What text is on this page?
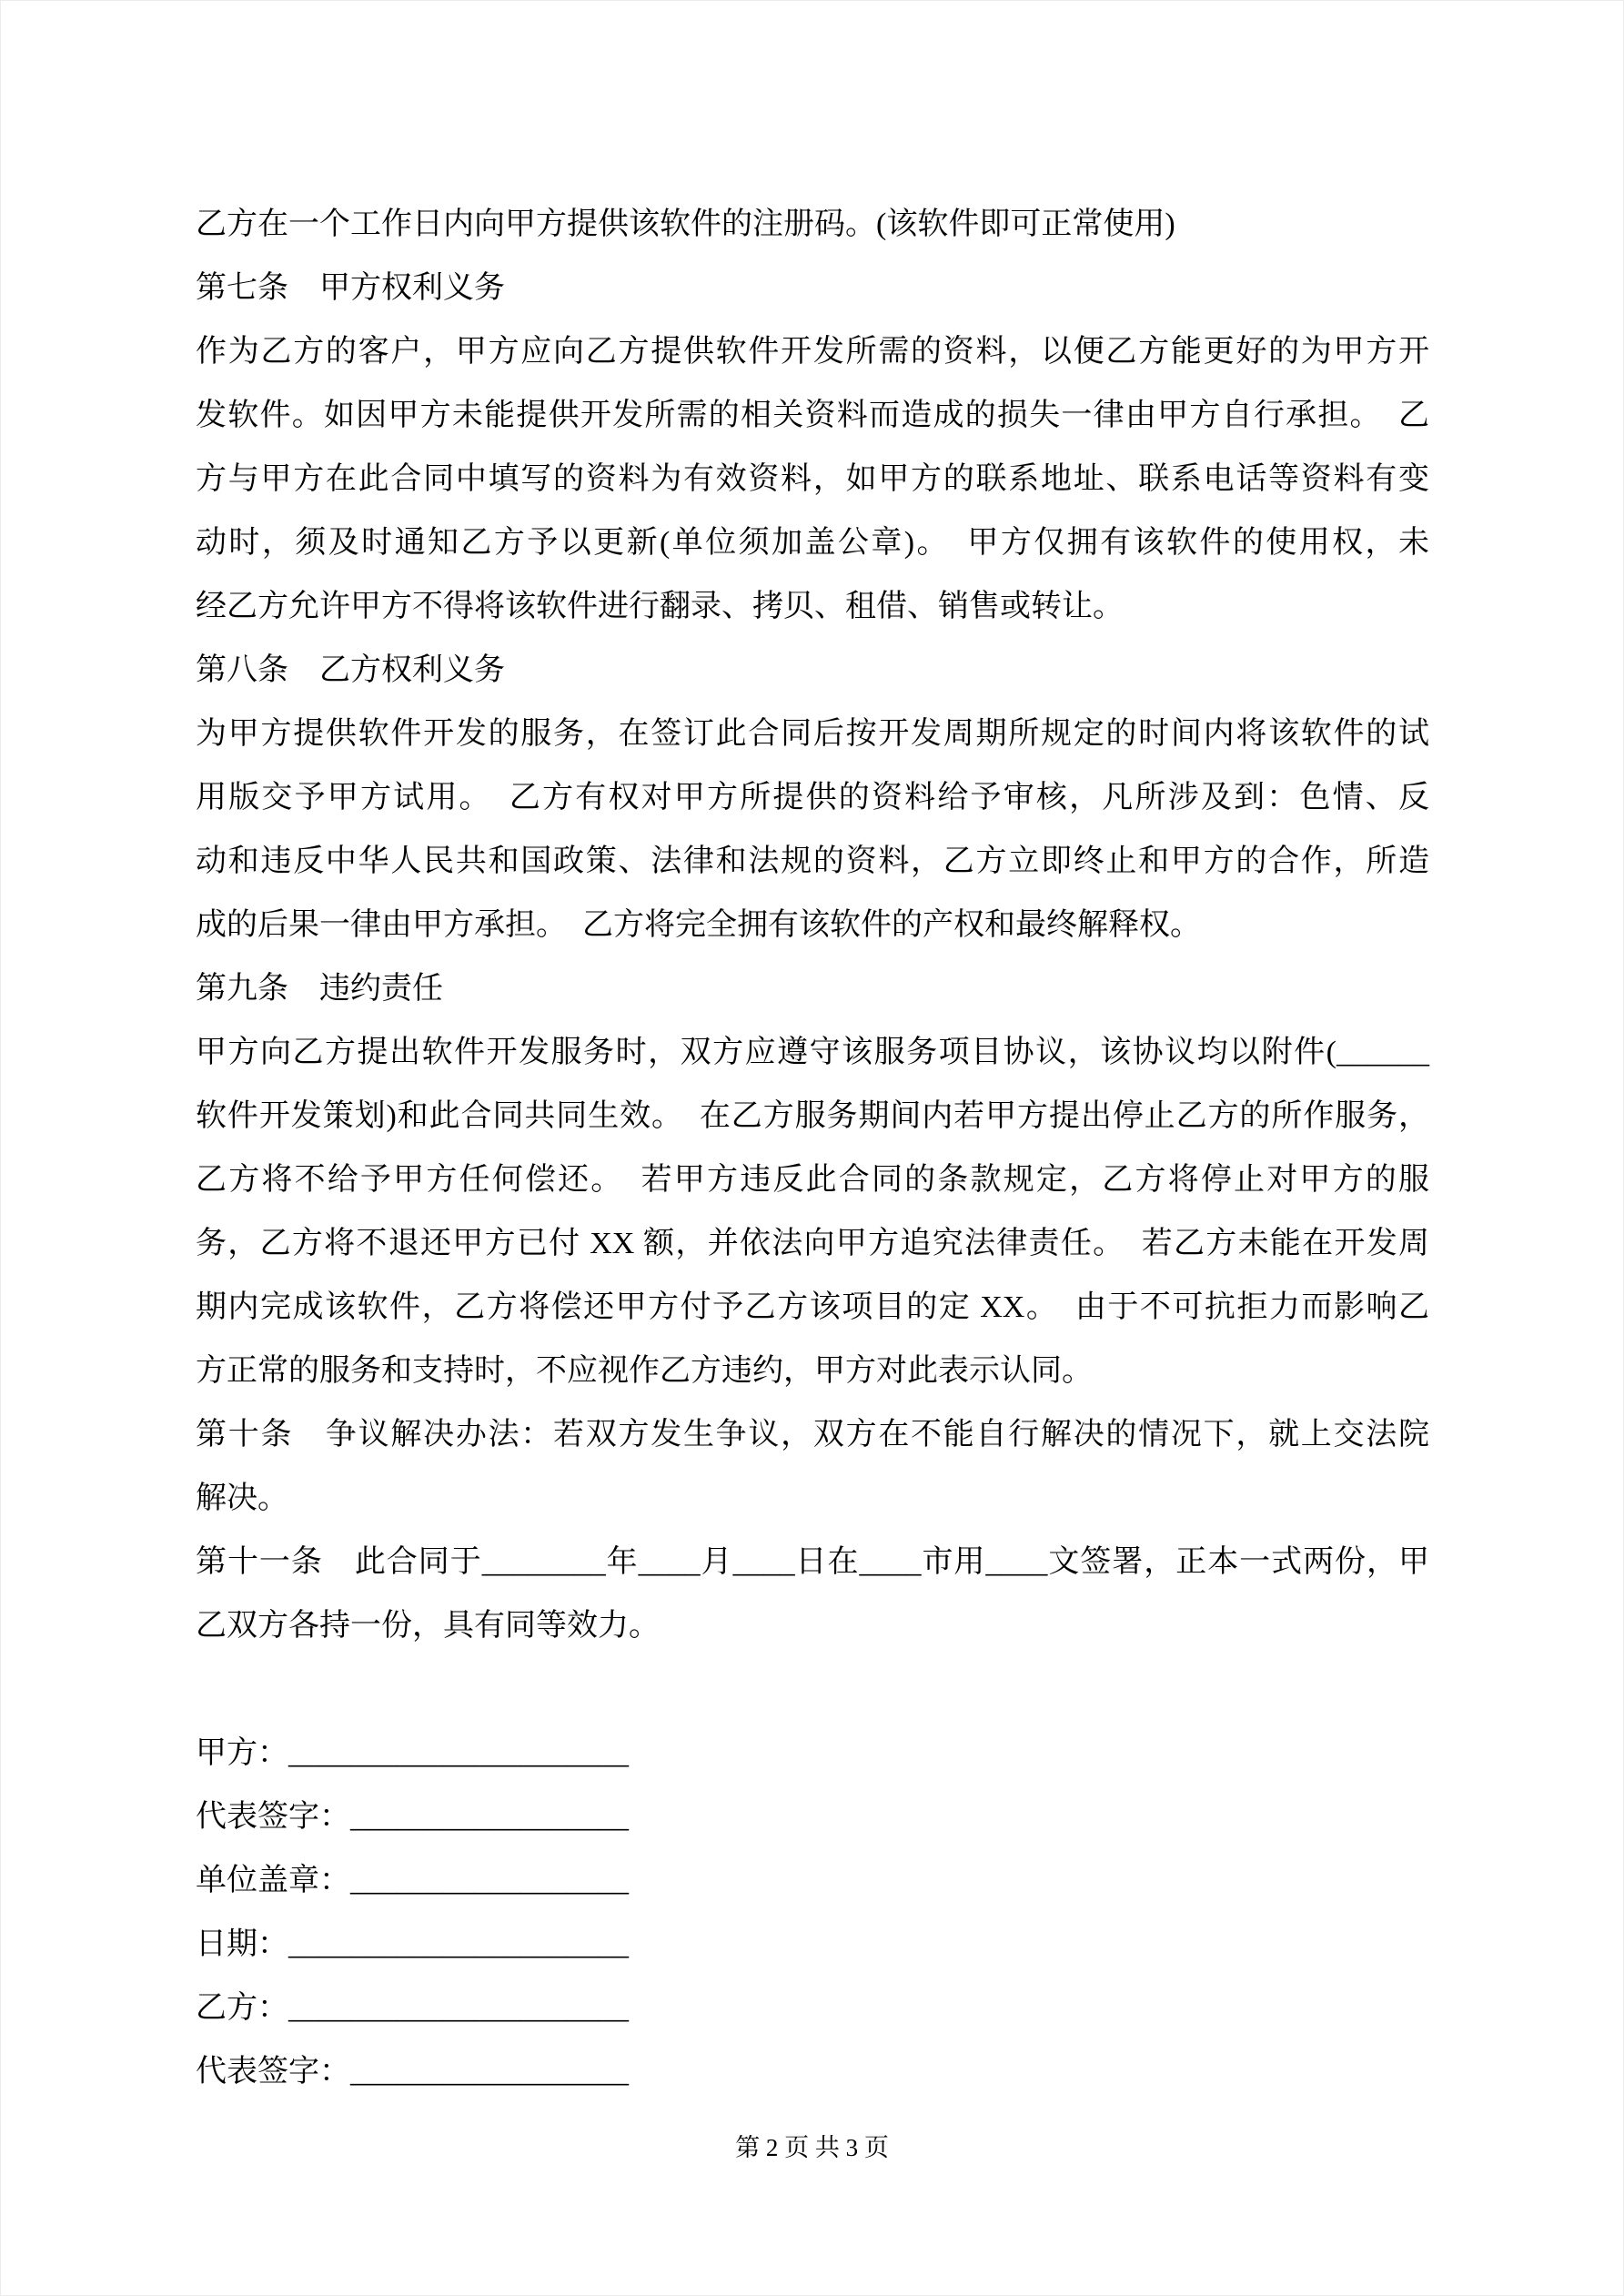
乙方在一个工作日内向甲方提供该软件的注册码。(该软件即可正常使用)
第七条　甲方权利义务
作为乙方的客户，甲方应向乙方提供软件开发所需的资料，以便乙方能更好的为甲方开
发软件。如因甲方未能提供开发所需的相关资料而造成的损失一律由甲方自行承担。　乙
方与甲方在此合同中填写的资料为有效资料，如甲方的联系地址、联系电话等资料有变
动时，须及时通知乙方予以更新(单位须加盖公章)。　甲方仅拥有该软件的使用权，未
经乙方允许甲方不得将该软件进行翻录、拷贝、租借、销售或转让。
第八条　乙方权利义务
为甲方提供软件开发的服务，在签订此合同后按开发周期所规定的时间内将该软件的试
用版交予甲方试用。　乙方有权对甲方所提供的资料给予审核，凡所涉及到：色情、反
动和违反中华人民共和国政策、法律和法规的资料，乙方立即终止和甲方的合作，所造
成的后果一律由甲方承担。　乙方将完全拥有该软件的产权和最终解释权。
第九条　违约责任
甲方向乙方提出软件开发服务时，双方应遵守该服务项目协议，该协议均以附件(______
软件开发策划)和此合同共同生效。　在乙方服务期间内若甲方提出停止乙方的所作服务，
乙方将不给予甲方任何偿还。　若甲方违反此合同的条款规定，乙方将停止对甲方的服
务，乙方将不退还甲方已付 XX 额，并依法向甲方追究法律责任。　若乙方未能在开发周
期内完成该软件，乙方将偿还甲方付予乙方该项目的定 XX。　由于不可抗拒力而影响乙
方正常的服务和支持时，不应视作乙方违约，甲方对此表示认同。
第十条　争议解决办法：若双方发生争议，双方在不能自行解决的情况下，就上交法院
解决。
第十一条　此合同于________年____月____日在____市用____文签署，正本一式两份，甲
乙双方各持一份，具有同等效力。
甲方：______________________
代表签字：__________________
单位盖章：__________________
日期：______________________
乙方：______________________
代表签字：__________________
第 2 页 共 3 页
